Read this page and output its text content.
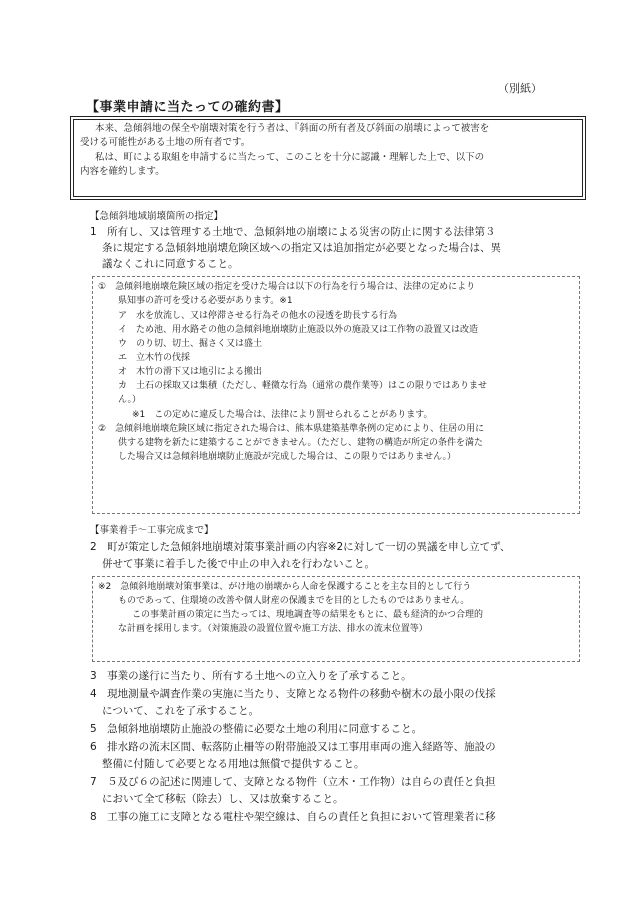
（別紙）
【事業申請に当たっての確約書】
本来、急傾斜地の保全や崩壊対策を行う者は、『斜面の所有者及び斜面の崩壊によって被害を
受ける可能性がある土地の所有者です。
私は、町による取組を申請するに当たって、このことを十分に認識・理解した上で、以下の
内容を確約します。
【急傾斜地域崩壊箇所の指定】
1　所有し、又は管理する土地で、急傾斜地の崩壊による災害の防止に関する法律第３
条に規定する急傾斜地崩壊危険区域への指定又は追加指定が必要となった場合は、異
議なくこれに同意すること。
①　急傾斜地崩壊危険区域の指定を受けた場合は以下の行為を行う場合は、法律の定めにより
県知事の許可を受ける必要があります。※1
ア　水を放流し、又は停滞させる行為その他水の浸透を助長する行為
イ　ため池、用水路その他の急傾斜地崩壊防止施設以外の施設又は工作物の設置又は改造
ウ　のり切、切土、掘さく又は盛土
エ　立木竹の伐採
オ　木竹の滑下又は地引による搬出
カ　土石の採取又は集積（ただし、軽微な行為（通常の農作業等）はこの限りではありませ
ん。）
※1　この定めに違反した場合は、法律により罰せられることがあります。
②　急傾斜地崩壊危険区域に指定された場合は、熊本県建築基準条例の定めにより、住居の用に
供する建物を新たに建築することができません。（ただし、建物の構造が所定の条件を満た
した場合又は急傾斜地崩壊防止施設が完成した場合は、この限りではありません。）
【事業着手～工事完成まで】
2　町が策定した急傾斜地崩壊対策事業計画の内容※2に対して一切の異議を申し立てず、
併せて事業に着手した後で中止の申入れを行わないこと。
※2　急傾斜地崩壊対策事業は、がけ地の崩壊から人命を保護することを主な目的として行う
ものであって、住環境の改善や個人財産の保護までを目的としたものではありません。
この事業計画の策定に当たっては、現地調査等の結果をもとに、最も経済的かつ合理的
な計画を採用します。（対策施設の設置位置や施工方法、排水の流末位置等）
3　事業の遂行に当たり、所有する土地への立入りを了承すること。
4　現地測量や調査作業の実施に当たり、支障となる物件の移動や樹木の最小限の伐採
について、これを了承すること。
5　急傾斜地崩壊防止施設の整備に必要な土地の利用に同意すること。
6　排水路の流末区間、転落防止柵等の附帯施設又は工事用車両の進入経路等、施設の
整備に付随して必要となる用地は無償で提供すること。
7　５及び６の記述に関連して、支障となる物件（立木・工作物）は自らの責任と負担
において全て移転（除去）し、又は放棄すること。
8　工事の施工に支障となる電柱や架空線は、自らの責任と負担において管理業者に移
